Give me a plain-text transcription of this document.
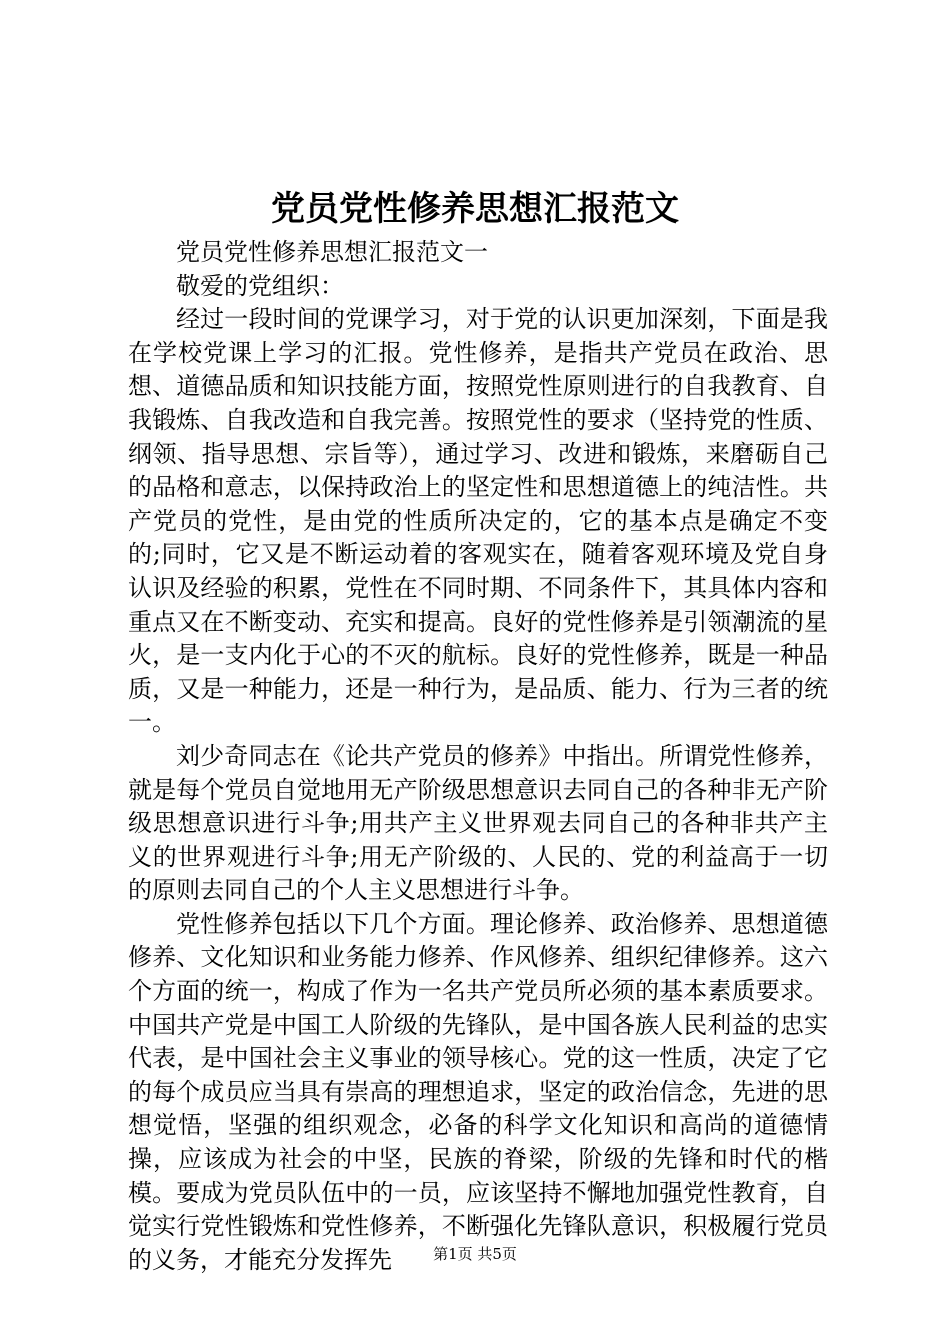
党员党性修养思想汇报范文

党员党性修养思想汇报范文一

敬爱的党组织：

经过一段时间的党课学习，对于党的认识更加深刻，下面是我在学校党课上学习的汇报。党性修养，是指共产党员在政治、思想、道德品质和知识技能方面，按照党性原则进行的自我教育、自我锻炼、自我改造和自我完善。按照党性的要求（坚持党的性质、纲领、指导思想、宗旨等），通过学习、改进和锻炼，来磨砺自己的品格和意志，以保持政治上的坚定性和思想道德上的纯洁性。共产党员的党性，是由党的性质所决定的，它的基本点是确定不变的;同时，它又是不断运动着的客观实在，随着客观环境及党自身认识及经验的积累，党性在不同时期、不同条件下，其具体内容和重点又在不断变动、充实和提高。良好的党性修养是引领潮流的星火，是一支内化于心的不灭的航标。良好的党性修养，既是一种品质，又是一种能力，还是一种行为，是品质、能力、行为三者的统一。

刘少奇同志在《论共产党员的修养》中指出。所谓党性修养，就是每个党员自觉地用无产阶级思想意识去同自己的各种非无产阶级思想意识进行斗争;用共产主义世界观去同自己的各种非共产主义的世界观进行斗争;用无产阶级的、人民的、党的利益高于一切的原则去同自己的个人主义思想进行斗争。

党性修养包括以下几个方面。理论修养、政治修养、思想道德修养、文化知识和业务能力修养、作风修养、组织纪律修养。这六个方面的统一，构成了作为一名共产党员所必须的基本素质要求。中国共产党是中国工人阶级的先锋队，是中国各族人民利益的忠实代表，是中国社会主义事业的领导核心。党的这一性质，决定了它的每个成员应当具有崇高的理想追求，坚定的政治信念，先进的思想觉悟，坚强的组织观念，必备的科学文化知识和高尚的道德情操，应该成为社会的中坚，民族的脊梁，阶级的先锋和时代的楷模。要成为党员队伍中的一员，应该坚持不懈地加强党性教育，自觉实行党性锻炼和党性修养，不断强化先锋队意识，积极履行党员的义务，才能充分发挥先	第1页 共5页
